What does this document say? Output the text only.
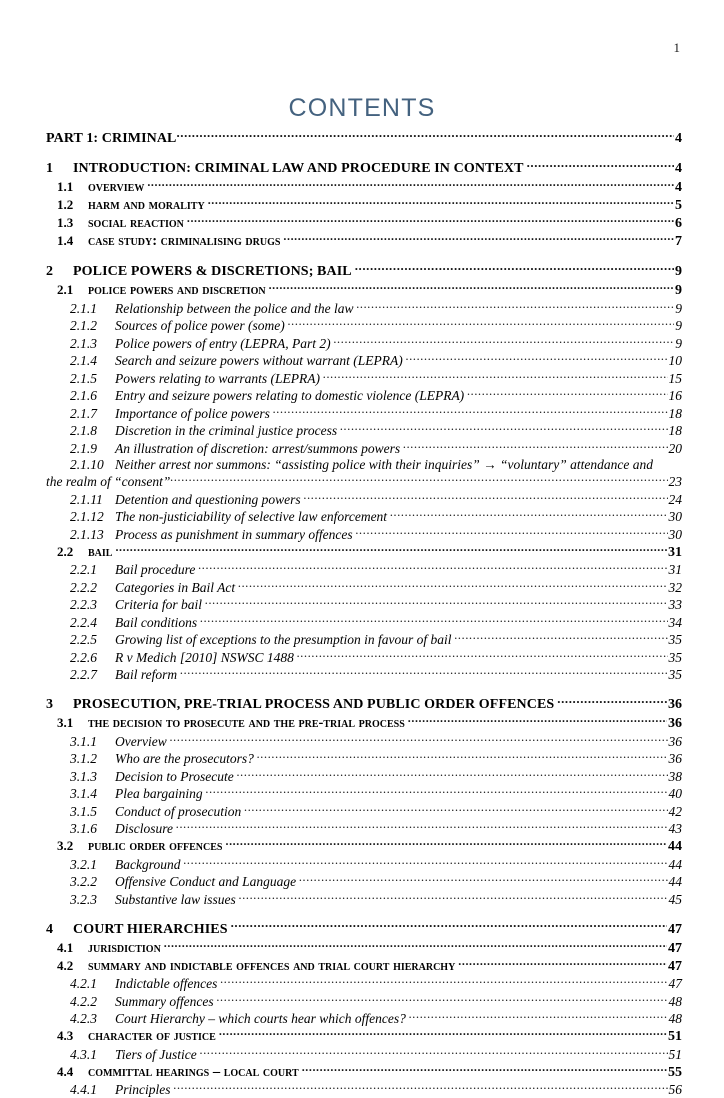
1
CONTENTS
PART 1: CRIMINAL .....	4
1	INTRODUCTION: CRIMINAL LAW AND PROCEDURE IN CONTEXT .....	4
1.1	overview .....	4
1.2	harm and morality .....	5
1.3	social reaction .....	6
1.4	case study: criminalising drugs .....	7
2	POLICE POWERS & DISCRETIONS; BAIL .....	9
2.1	police powers and discretion .....	9
2.1.1	Relationship between the police and the law .....	9
2.1.2	Sources of police power (some) .....	9
2.1.3	Police powers of entry (LEPRA, Part 2) .....	9
2.1.4	Search and seizure powers without warrant (LEPRA) .....	10
2.1.5	Powers relating to warrants (LEPRA) .....	15
2.1.6	Entry and seizure powers relating to domestic violence (LEPRA) .....	16
2.1.7	Importance of police powers .....	18
2.1.8	Discretion in the criminal justice process .....	18
2.1.9	An illustration of discretion: arrest/summons powers .....	20
2.1.10 Neither arrest nor summons: “assisting police with their inquiries” → “voluntary” attendance and
the realm of “consent” .....	23
2.1.11 Detention and questioning powers .....	24
2.1.12 The non-justiciability of selective law enforcement .....	30
2.1.13 Process as punishment in summary offences .....	30
2.2	bail .....	31
2.2.1	Bail procedure .....	31
2.2.2	Categories in Bail Act .....	32
2.2.3	Criteria for bail .....	33
2.2.4	Bail conditions .....	34
2.2.5	Growing list of exceptions to the presumption in favour of bail .....	35
2.2.6	R v Medich [2010] NSWSC 1488 .....	35
2.2.7	Bail reform .....	35
3	PROSECUTION, PRE-TRIAL PROCESS AND PUBLIC ORDER OFFENCES .....	36
3.1	the decision to prosecute and the pre-trial process .....	36
3.1.1	Overview .....	36
3.1.2	Who are the prosecutors? .....	36
3.1.3	Decision to Prosecute .....	38
3.1.4	Plea bargaining .....	40
3.1.5	Conduct of prosecution .....	42
3.1.6	Disclosure .....	43
3.2	public order offences .....	44
3.2.1	Background .....	44
3.2.2	Offensive Conduct and Language .....	44
3.2.3	Substantive law issues .....	45
4	COURT HIERARCHIES .....	47
4.1	jurisdiction .....	47
4.2	summary and indictable offences and trial court hierarchy .....	47
4.2.1	Indictable offences .....	47
4.2.2	Summary offences .....	48
4.2.3	Court Hierarchy – which courts hear which offences? .....	48
4.3	character of justice .....	51
4.3.1	Tiers of Justice .....	51
4.4	committal hearings – local court .....	55
4.4.1	Principles .....	56
